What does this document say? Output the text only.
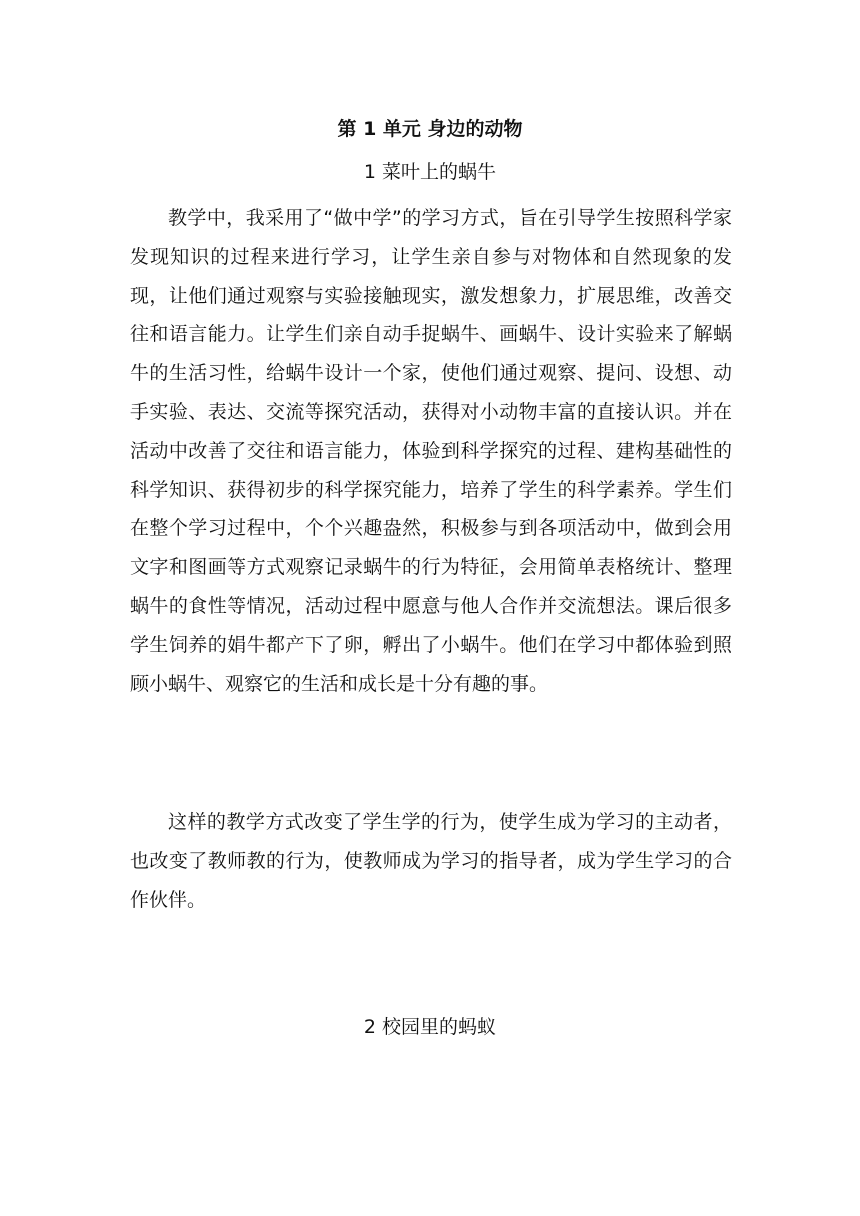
第 1 单元 身边的动物
1 菜叶上的蜗牛

教学中，我采用了“做中学”的学习方式，旨在引导学生按照科学家发现知识的过程来进行学习，让学生亲自参与对物体和自然现象的发现，让他们通过观察与实验接触现实，激发想象力，扩展思维，改善交往和语言能力。让学生们亲自动手捉蜗牛、画蜗牛、设计实验来了解蜗牛的生活习性，给蜗牛设计一个家，使他们通过观察、提问、设想、动手实验、表达、交流等探究活动，获得对小动物丰富的直接认识。并在活动中改善了交往和语言能力，体验到科学探究的过程、建构基础性的科学知识、获得初步的科学探究能力，培养了学生的科学素养。学生们在整个学习过程中，个个兴趣盎然，积极参与到各项活动中，做到会用文字和图画等方式观察记录蜗牛的行为特征，会用简单表格统计、整理蜗牛的食性等情况，活动过程中愿意与他人合作并交流想法。课后很多学生饲养的娟牛都产下了卵，孵出了小蜗牛。他们在学习中都体验到照顾小蜗牛、观察它的生活和成长是十分有趣的事。

这样的教学方式改变了学生学的行为，使学生成为学习的主动者，也改变了教师教的行为，使教师成为学习的指导者，成为学生学习的合作伙伴。

2 校园里的蚂蚁
